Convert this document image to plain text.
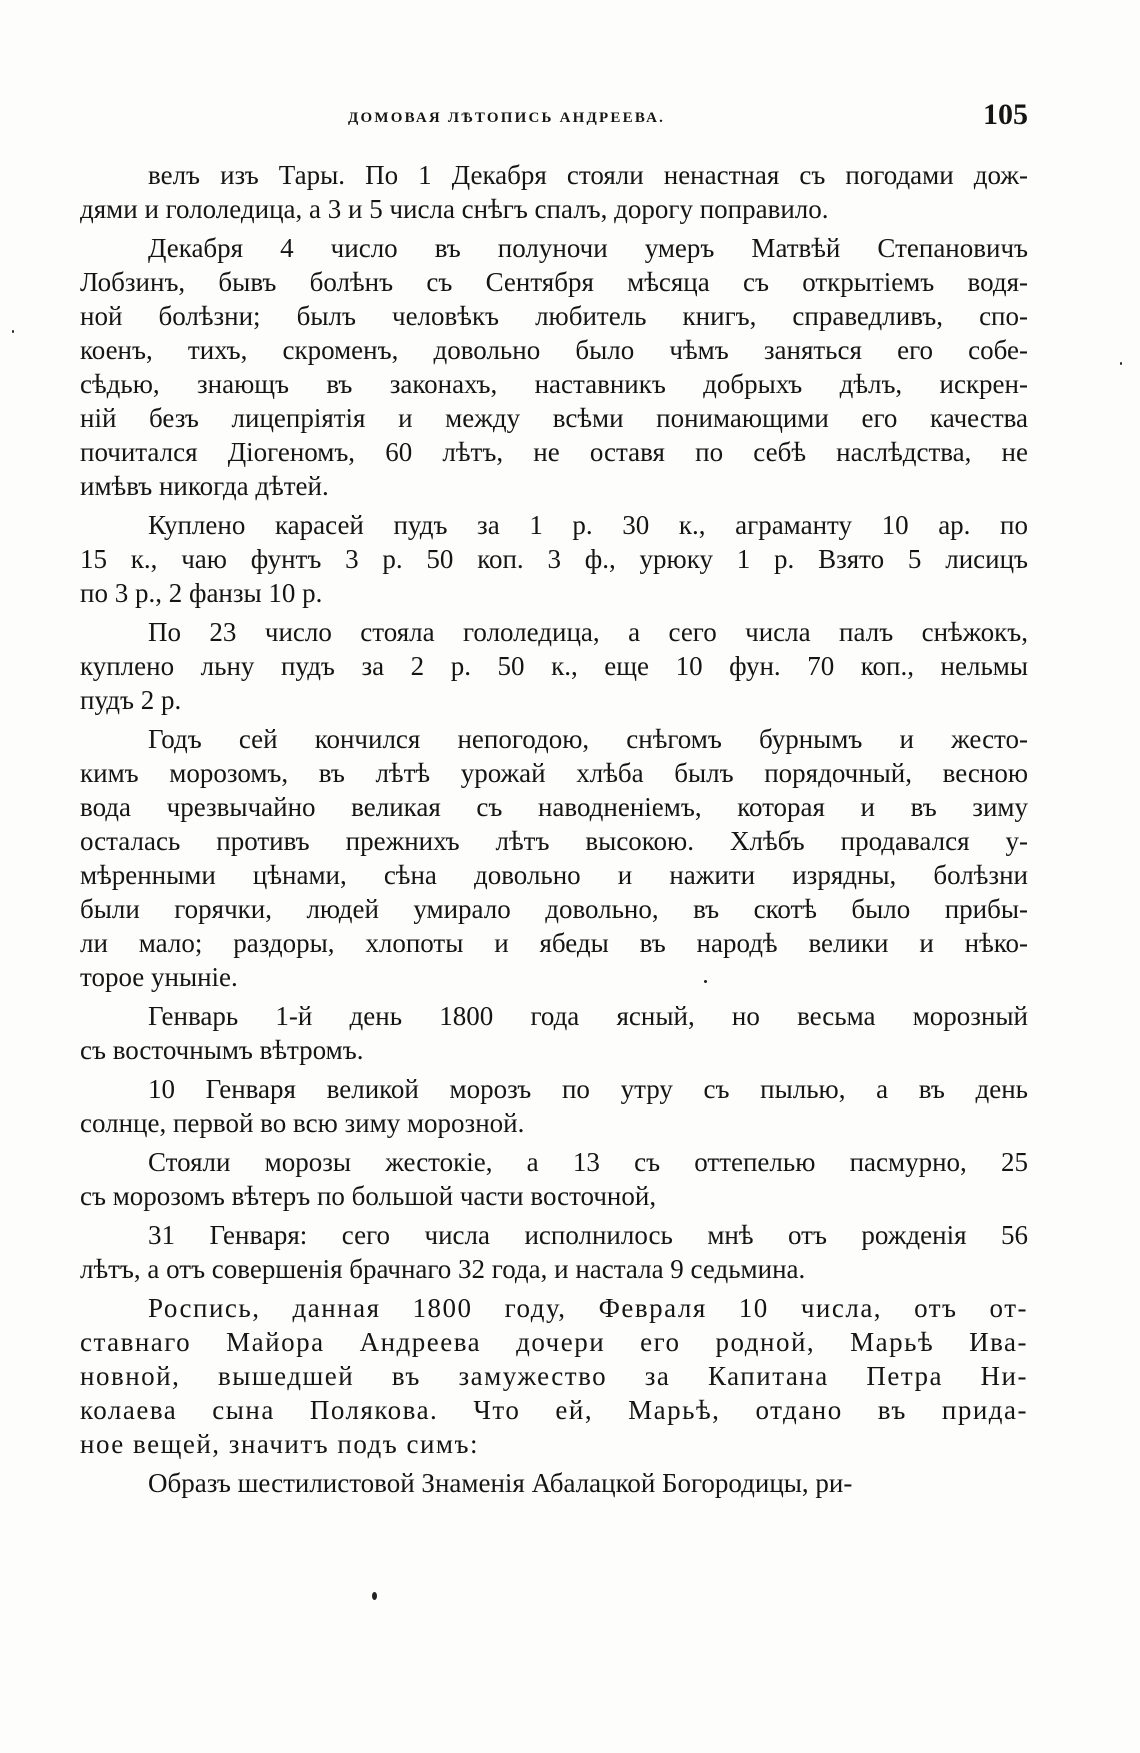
ДОМОВАЯ ЛѢТОПИСЬ АНДРЕЕВА.	105
велъ изъ Тары. По 1 Декабря стояли ненастная съ погодами дож-
дями и гололедица, а 3 и 5 числа снѣгъ спалъ, дорогу поправило.
Декабря 4 число въ полуночи умеръ Матвѣй Степановичъ
Лобзинъ, бывъ болѣнъ съ Сентября мѣсяца съ открытіемъ водя-
ной болѣзни; былъ человѣкъ любитель книгъ, справедливъ, спо-
коенъ, тихъ, скроменъ, довольно было чѣмъ заняться его собе-
сѣдью, знающъ въ законахъ, наставникъ добрыхъ дѣлъ, искрен-
ній безъ лицепріятія и между всѣми понимающими его качества
почитался Діогеномъ, 60 лѣтъ, не оставя по себѣ наслѣдства, не
имѣвъ никогда дѣтей.
Куплено карасей пудъ за 1 р. 30 к., аграманту 10 ар. по
15 к., чаю фунтъ 3 р. 50 коп. 3 ф., урюку 1 р. Взято 5 лисицъ
по 3 р., 2 фанзы 10 р.
По 23 число стояла гололедица, а сего числа палъ снѣжокъ,
куплено льну пудъ за 2 р. 50 к., еще 10 фун. 70 коп., нельмы
пудъ 2 р.
Годъ сей кончился непогодою, снѣгомъ бурнымъ и жесто-
кимъ морозомъ, въ лѣтѣ урожай хлѣба былъ порядочный, весною
вода чрезвычайно великая съ наводненіемъ, которая и въ зиму
осталась противъ прежнихъ лѣтъ высокою. Хлѣбъ продавался у-
мѣренными цѣнами, сѣна довольно и нажити изрядны, болѣзни
были горячки, людей умирало довольно, въ скотѣ было прибы-
ли мало; раздоры, хлопоты и ябеды въ народѣ велики и нѣко-
торое уныніе.
Генварь 1-й день 1800 года ясный, но весьма морозный
съ восточнымъ вѣтромъ.
10 Генваря великой морозъ по утру съ пылью, а въ день
солнце, первой во всю зиму морозной.
Стояли морозы жестокіе, а 13 съ оттепелью пасмурно, 25
съ морозомъ вѣтеръ по большой части восточной,
31 Генваря: сего числа исполнилось мнѣ отъ рожденія 56
лѣтъ, а отъ совершенія брачнаго 32 года, и настала 9 седьмина.
Роспись, данная 1800 году, Февраля 10 числа, отъ от-
ставнаго Майора Андреева дочери его родной, Марьѣ Ива-
новной, вышедшей въ замужество за Капитана Петра Ни-
колаева сына Полякова. Что ей, Марьѣ, отдано въ прида-
ное вещей, значитъ подъ симъ:
Образъ шестилистовой Знаменія Абалацкой Богородицы, ри-
